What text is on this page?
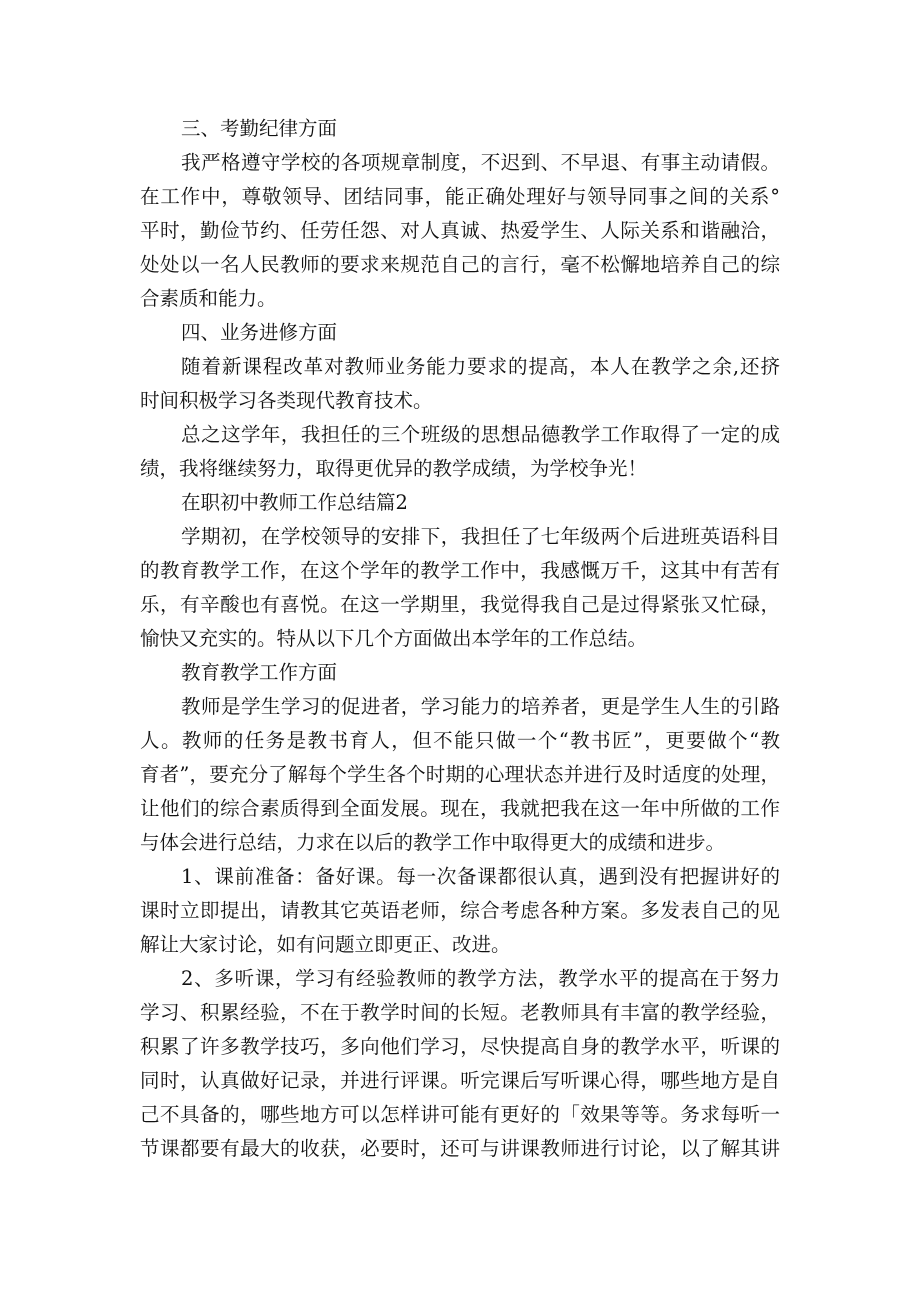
三、考勤纪律方面
我严格遵守学校的各项规章制度，不迟到、不早退、有事主动请假。
在工作中，尊敬领导、团结同事，能正确处理好与领导同事之间的关系°
平时，勤俭节约、任劳任怨、对人真诚、热爱学生、人际关系和谐融洽，
处处以一名人民教师的要求来规范自己的言行，毫不松懈地培养自己的综
合素质和能力。
四、业务进修方面
随着新课程改革对教师业务能力要求的提高，本人在教学之余,还挤
时间积极学习各类现代教育技术。
总之这学年，我担任的三个班级的思想品德教学工作取得了一定的成
绩，我将继续努力，取得更优异的教学成绩，为学校争光！
在职初中教师工作总结篇2
学期初，在学校领导的安排下，我担任了七年级两个后进班英语科目
的教育教学工作，在这个学年的教学工作中，我感慨万千，这其中有苦有
乐，有辛酸也有喜悦。在这一学期里，我觉得我自己是过得紧张又忙碌，
愉快又充实的。特从以下几个方面做出本学年的工作总结。
教育教学工作方面
教师是学生学习的促进者，学习能力的培养者，更是学生人生的引路
人。教师的任务是教书育人，但不能只做一个“教书匠”，更要做个“教
育者”，要充分了解每个学生各个时期的心理状态并进行及时适度的处理，
让他们的综合素质得到全面发展。现在，我就把我在这一年中所做的工作
与体会进行总结，力求在以后的教学工作中取得更大的成绩和进步。
1、课前准备：备好课。每一次备课都很认真，遇到没有把握讲好的
课时立即提出，请教其它英语老师，综合考虑各种方案。多发表自己的见
解让大家讨论，如有问题立即更正、改进。
2、多听课，学习有经验教师的教学方法，教学水平的提高在于努力
学习、积累经验，不在于教学时间的长短。老教师具有丰富的教学经验，
积累了许多教学技巧，多向他们学习，尽快提高自身的教学水平，听课的
同时，认真做好记录，并进行评课。听完课后写听课心得，哪些地方是自
己不具备的，哪些地方可以怎样讲可能有更好的「效果等等。务求每听一
节课都要有最大的收获，必要时，还可与讲课教师进行讨论，以了解其讲
